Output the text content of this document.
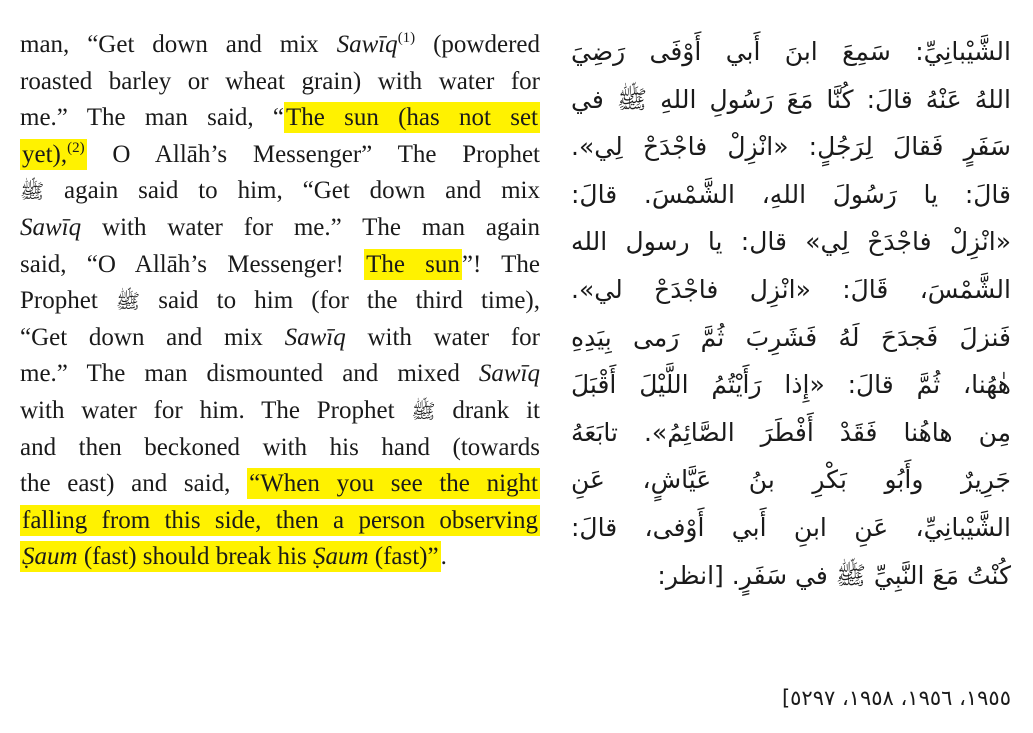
man, “Get down and mix Sawīq$^{(1)}$ (powdered
roasted barley or wheat grain) with water for
me.” The man said, “The sun (has not set
yet),$^{(2)}$ O Allāh’s Messenger” The Prophet
ﷺ again said to him, “Get down and mix
Sawīq with water for me.” The man again
said, “O Allāh’s Messenger! The sun”! The
Prophet ﷺ said to him (for the third time),
“Get down and mix Sawīq with water for
me.” The man dismounted and mixed Sawīq
with water for him. The Prophet ﷺ drank it
and then beckoned with his hand (towards
the east) and said, “When you see the night
falling from this side, then a person observing
Ṣaum (fast) should break his Ṣaum (fast)”.
الشَّيْبانِيِّ: سَمِعَ ابنَ أَبي أَوْفَى رَضِيَ
اللهُ عَنْهُ قالَ: كُنَّا مَعَ رَسُولِ اللهِ ﷺ في
سَفَرٍ فَقالَ لِرَجُلٍ: «انْزِلْ فاجْدَحْ لِي».
قالَ: يا رَسُولَ اللهِ، الشَّمْسَ. قالَ:
«انْزِلْ فاجْدَحْ لِي» قال: يا رسول الله
الشَّمْسَ، قَالَ: «انْزِل فاجْدَحْ لي».
فَنزلَ فَجدَحَ لَهُ فَشَرِبَ ثُمَّ رَمى بِيَدِهِ
هٰهُنا، ثُمَّ قالَ: «إِذا رَأَيْتُمُ اللَّيْلَ أَقْبَلَ
مِن هاهُنا فَقَدْ أَفْطَرَ الصَّائِمُ». تابَعَهُ
جَرِيرٌ وأَبُو بَكْرِ بنُ عَيَّاشٍ، عَنِ
الشَّيْبانِيِّ، عَنِ ابنِ أَبي أَوْفى، قالَ:
كُنْتُ مَعَ النَّبِيِّ ﷺ في سَفَرٍ. [انظر:
١٩٥٥، ١٩٥٦، ١٩٥٨، ٥٢٩٧]
